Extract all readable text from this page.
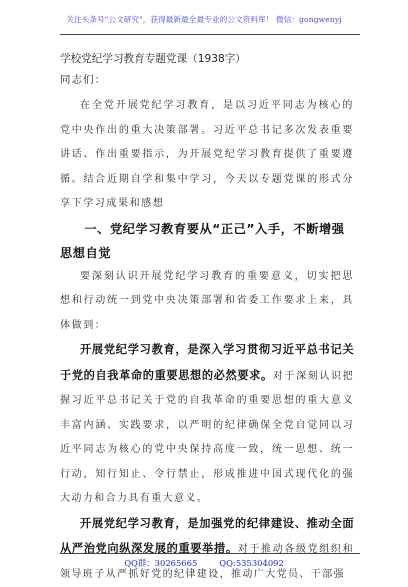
关注头条号"公文研究"，获得最新最全最专业的公文资料库！ 微信：gongwenyj
学校党纪学习教育专题党课（1938字）
同志们：

在全党开展党纪学习教育，是以习近平同志为核心的党中央作出的重大决策部署。习近平总书记多次发表重要讲话、作出重要指示，为开展党纪学习教育提供了重要遵循。结合近期自学和集中学习，今天以专题党课的形式分享下学习成果和感想

一、党纪学习教育要从“正己”入手，不断增强思想自觉

要深刻认识开展党纪学习教育的重要意义，切实把思想和行动统一到党中央决策部署和省委工作要求上来，具体做到：

开展党纪学习教育，是深入学习贯彻习近平总书记关于党的自我革命的重要思想的必然要求。对于深刻认识把握习近平总书记关于党的自我革命的重要思想的重大意义丰富内涵、实践要求，以严明的纪律确保全党自觉同以习近平同志为核心的党中央保持高度一致，统一思想、统一行动，知行知止、令行禁止，形成推进中国式现代化的强大动力和合力具有重大意义。

开展党纪学习教育，是加强党的纪律建设、推动全面从严治党向纵深发展的重要举措。对于推动各级党组织和领导班子从严抓好党的纪律建设，推动广大党员、干部强

QQ群：30265665	QQ:535304092
